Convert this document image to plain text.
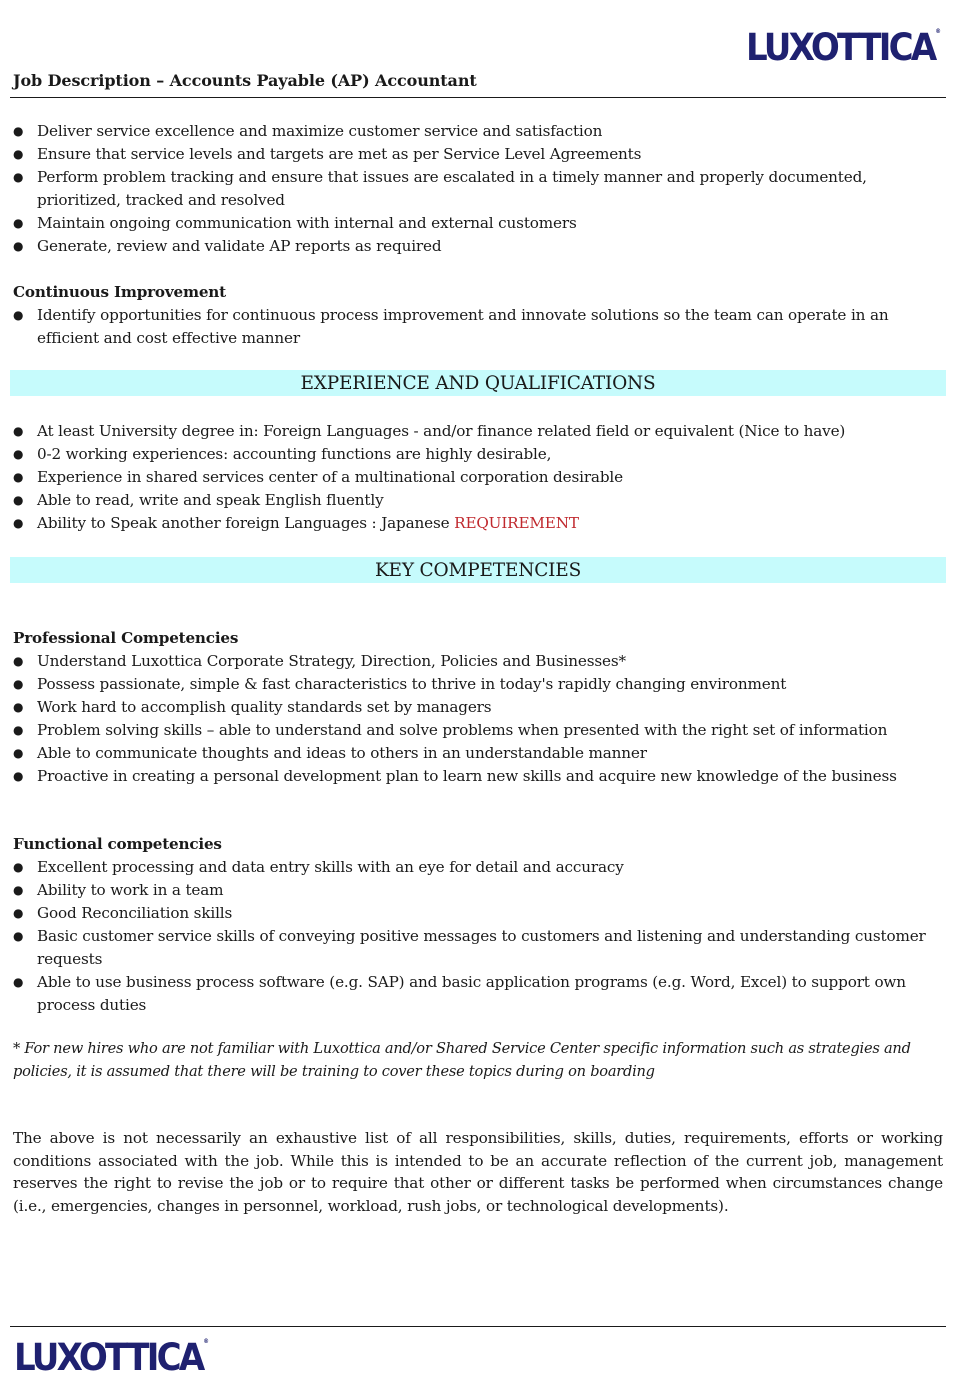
LUXOTTICA®
Job Description – Accounts Payable (AP) Accountant
● Deliver service excellence and maximize customer service and satisfaction
● Ensure that service levels and targets are met as per Service Level Agreements
● Perform problem tracking and ensure that issues are escalated in a timely manner and properly documented, prioritized, tracked and resolved
● Maintain ongoing communication with internal and external customers
● Generate, review and validate AP reports as required
Continuous Improvement
● Identify opportunities for continuous process improvement and innovate solutions so the team can operate in an efficient and cost effective manner
EXPERIENCE AND QUALIFICATIONS
● At least University degree in: Foreign Languages - and/or finance related field or equivalent (Nice to have)
● 0-2 working experiences: accounting functions are highly desirable,
● Experience in shared services center of a multinational corporation desirable
● Able to read, write and speak English fluently
● Ability to Speak another foreign Languages : Japanese REQUIREMENT
KEY COMPETENCIES
Professional Competencies
● Understand Luxottica Corporate Strategy, Direction, Policies and Businesses*
● Possess passionate, simple & fast characteristics to thrive in today's rapidly changing environment
● Work hard to accomplish quality standards set by managers
● Problem solving skills – able to understand and solve problems when presented with the right set of information
● Able to communicate thoughts and ideas to others in an understandable manner
● Proactive in creating a personal development plan to learn new skills and acquire new knowledge of the business
Functional competencies
● Excellent processing and data entry skills with an eye for detail and accuracy
● Ability to work in a team
● Good Reconciliation skills
● Basic customer service skills of conveying positive messages to customers and listening and understanding customer requests
● Able to use business process software (e.g. SAP) and basic application programs (e.g. Word, Excel) to support own process duties
* For new hires who are not familiar with Luxottica and/or Shared Service Center specific information such as strategies and policies, it is assumed that there will be training to cover these topics during on boarding
The above is not necessarily an exhaustive list of all responsibilities, skills, duties, requirements, efforts or working conditions associated with the job. While this is intended to be an accurate reflection of the current job, management reserves the right to revise the job or to require that other or different tasks be performed when circumstances change (i.e., emergencies, changes in personnel, workload, rush jobs, or technological developments).
LUXOTTICA®
